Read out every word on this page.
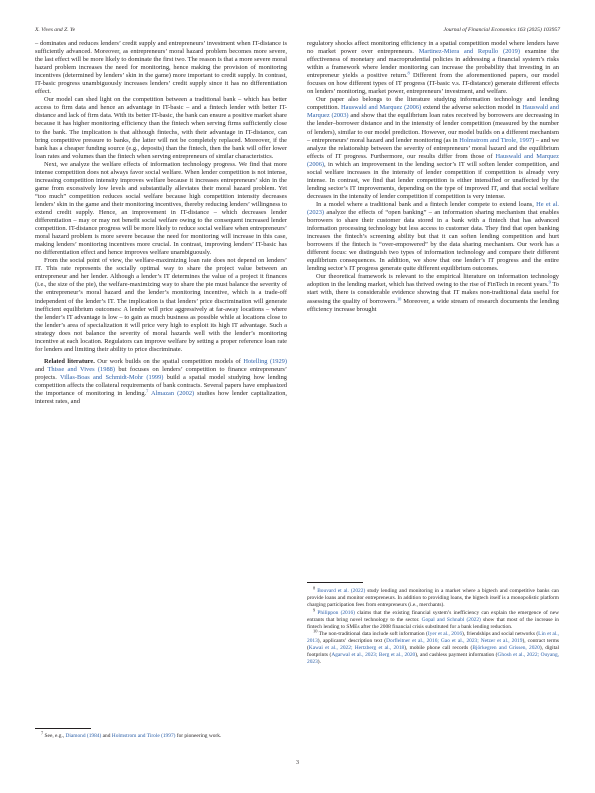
X. Vives and Z. Ye	Journal of Financial Economics 163 (2025) 103957

– dominates and reduces lenders’ credit supply and entrepreneurs’ investment when IT-distance is sufficiently advanced. Moreover, as entrepreneurs’ moral hazard problem becomes more severe, the last effect will be more likely to dominate the first two. The reason is that a more severe moral hazard problem increases the need for monitoring, hence making the provision of monitoring incentives (determined by lenders’ skin in the game) more important to credit supply. In contrast, IT-basic progress unambiguously increases lenders’ credit supply since it has no differentiation effect.

Our model can shed light on the competition between a traditional bank – which has better access to firm data and hence an advantage in IT-basic – and a fintech lender with better IT-distance and lack of firm data. With its better IT-basic, the bank can ensure a positive market share because it has higher monitoring efficiency than the fintech when serving firms sufficiently close to the bank. The implication is that although fintechs, with their advantage in IT-distance, can bring competitive pressure to banks, the latter will not be completely replaced. Moreover, if the bank has a cheaper funding source (e.g., deposits) than the fintech, then the bank will offer lower loan rates and volumes than the fintech when serving entrepreneurs of similar characteristics.

Next, we analyze the welfare effects of information technology progress. We find that more intense competition does not always favor social welfare. When lender competition is not intense, increasing competition intensity improves welfare because it increases entrepreneurs’ skin in the game from excessively low levels and substantially alleviates their moral hazard problem. Yet “too much” competition reduces social welfare because high competition intensity decreases lenders’ skin in the game and their monitoring incentives, thereby reducing lenders’ willingness to extend credit supply. Hence, an improvement in IT-distance – which decreases lender differentiation – may or may not benefit social welfare owing to the consequent increased lender competition. IT-distance progress will be more likely to reduce social welfare when entrepreneurs’ moral hazard problem is more severe because the need for monitoring will increase in this case, making lenders’ monitoring incentives more crucial. In contrast, improving lenders’ IT-basic has no differentiation effect and hence improves welfare unambiguously.

From the social point of view, the welfare-maximizing loan rate does not depend on lenders’ IT. This rate represents the socially optimal way to share the project value between an entrepreneur and her lender. Although a lender’s IT determines the value of a project it finances (i.e., the size of the pie), the welfare-maximizing way to share the pie must balance the severity of the entrepreneur’s moral hazard and the lender’s monitoring incentive, which is a trade-off independent of the lender’s IT. The implication is that lenders’ price discrimination will generate inefficient equilibrium outcomes: A lender will price aggressively at far-away locations – where the lender’s IT advantage is low – to gain as much business as possible while at locations close to the lender’s area of specialization it will price very high to exploit its high IT advantage. Such a strategy does not balance the severity of moral hazards well with the lender’s monitoring incentive at each location. Regulators can improve welfare by setting a proper reference loan rate for lenders and limiting their ability to price discriminate.

Related literature. Our work builds on the spatial competition models of Hotelling (1929) and Thisse and Vives (1988) but focuses on lenders’ competition to finance entrepreneurs’ projects. Villas-Boas and Schmidt-Mohr (1999) build a spatial model studying how lending competition affects the collateral requirements of bank contracts. Several papers have emphasized the importance of monitoring in lending.$^7$ Almazan (2002) studies how lender capitalization, interest rates, and

$^7$ See, e.g., Diamond (1984) and Holmstrom and Tirole (1997) for pioneering work.

regulatory shocks affect monitoring efficiency in a spatial competition model where lenders have no market power over entrepreneurs. Martinez-Miera and Repullo (2019) examine the effectiveness of monetary and macroprudential policies in addressing a financial system’s risks within a framework where lender monitoring can increase the probability that investing in an entrepreneur yields a positive return.$^8$ Different from the aforementioned papers, our model focuses on how different types of IT progress (IT-basic v.s. IT-distance) generate different effects on lenders’ monitoring, market power, entrepreneurs’ investment, and welfare.

Our paper also belongs to the literature studying information technology and lending competition. Hauswald and Marquez (2006) extend the adverse selection model in Hauswald and Marquez (2003) and show that the equilibrium loan rates received by borrowers are decreasing in the lender–borrower distance and in the intensity of lender competition (measured by the number of lenders), similar to our model prediction. However, our model builds on a different mechanism – entrepreneurs’ moral hazard and lender monitoring (as in Holmstrom and Tirole, 1997) – and we analyze the relationship between the severity of entrepreneurs’ moral hazard and the equilibrium effects of IT progress. Furthermore, our results differ from those of Hauswald and Marquez (2006), in which an improvement in the lending sector’s IT will soften lender competition, and social welfare increases in the intensity of lender competition if competition is already very intense. In contrast, we find that lender competition is either intensified or unaffected by the lending sector’s IT improvements, depending on the type of improved IT, and that social welfare decreases in the intensity of lender competition if competition is very intense.

In a model where a traditional bank and a fintech lender compete to extend loans, He et al. (2023) analyze the effects of “open banking” – an information sharing mechanism that enables borrowers to share their customer data stored in a bank with a fintech that has advanced information processing technology but less access to customer data. They find that open banking increases the fintech’s screening ability but that it can soften lending competition and hurt borrowers if the fintech is “over-empowered” by the data sharing mechanism. Our work has a different focus: we distinguish two types of information technology and compare their different equilibrium consequences. In addition, we show that one lender’s IT progress and the entire lending sector’s IT progress generate quite different equilibrium outcomes.

Our theoretical framework is relevant to the empirical literature on information technology adoption in the lending market, which has thrived owing to the rise of FinTech in recent years.$^9$ To start with, there is considerable evidence showing that IT makes non-traditional data useful for assessing the quality of borrowers.$^{10}$ Moreover, a wide stream of research documents the lending efficiency increase brought

$^8$ Bouvard et al. (2022) study lending and monitoring in a market where a bigtech and competitive banks can provide loans and monitor entrepreneurs. In addition to providing loans, the bigtech itself is a monopolistic platform charging participation fees from entrepreneurs (i.e., merchants).

$^9$ Philippon (2016) claims that the existing financial system’s inefficiency can explain the emergence of new entrants that bring novel technology to the sector. Gopal and Schnabl (2022) show that most of the increase in fintech lending to SMEs after the 2008 financial crisis substituted for a bank lending reduction.

$^{10}$ The non-traditional data include soft information (Iyer et al., 2016), friendships and social networks (Lin et al., 2013), applicants’ description text (Dorfleitner et al., 2016; Gao et al., 2023; Netzer et al., 2019), contract terms (Kawai et al., 2022; Hertzberg et al., 2018), mobile phone call records (Björkegren and Grissen, 2020), digital footprints (Agarwal et al., 2023; Berg et al., 2020), and cashless payment information (Ghosh et al., 2022; Ouyang, 2023).

3
